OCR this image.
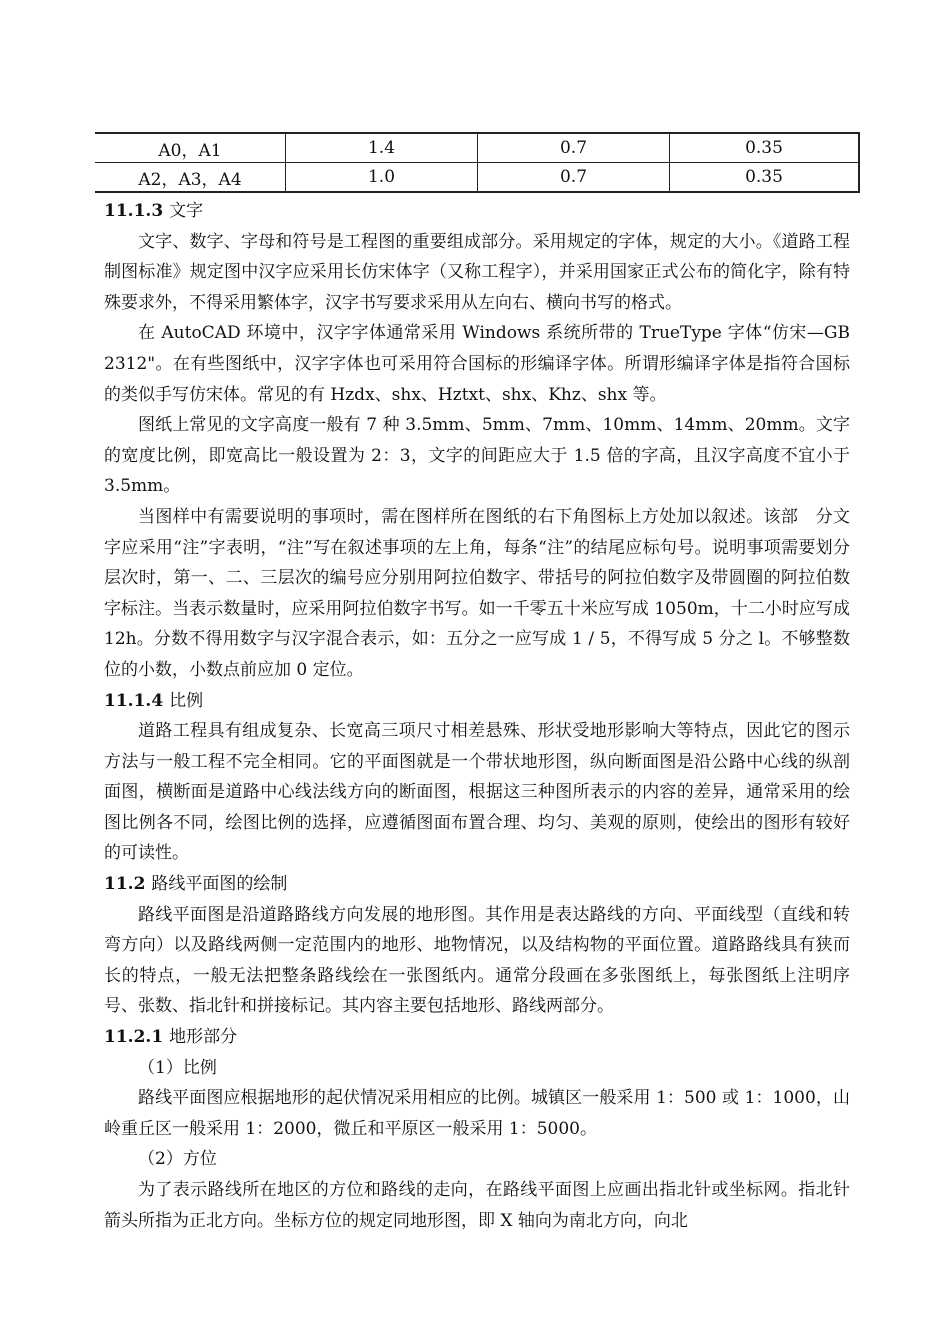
A0，A1	1.4	0.7	0.35
A2，A3，A4	1.0	0.7	0.35

11.1.3 文字

文字、数字、字母和符号是工程图的重要组成部分。采用规定的字体，规定的大小。《道路工程制图标准》规定图中汉字应采用长仿宋体字（又称工程字），并采用国家正式公布的简化字，除有特殊要求外，不得采用繁体字，汉字书写要求采用从左向右、横向书写的格式。

在 AutoCAD 环境中，汉字字体通常采用 Windows 系统所带的 TrueType 字体“仿宋—GB 2312"。在有些图纸中，汉字字体也可采用符合国标的形编译字体。所谓形编译字体是指符合国标的类似手写仿宋体。常见的有 Hzdx、shx、Hztxt、shx、Khz、shx 等。

图纸上常见的文字高度一般有 7 种 3.5mm、5mm、7mm、10mm、14mm、20mm。文字的宽度比例，即宽高比一般设置为 2：3，文字的间距应大于 1.5 倍的字高，且汉字高度不宜小于 3.5mm。

当图样中有需要说明的事项时，需在图样所在图纸的右下角图标上方处加以叙述。该部　分文字应采用“注”字表明，“注”写在叙述事项的左上角，每条“注”的结尾应标句号。说明事项需要划分层次时，第一、二、三层次的编号应分别用阿拉伯数字、带括号的阿拉伯数字及带圆圈的阿拉伯数字标注。当表示数量时，应采用阿拉伯数字书写。如一千零五十米应写成 1050m，十二小时应写成 12h。分数不得用数字与汉字混合表示，如：五分之一应写成 1 / 5，不得写成 5 分之 l。不够整数位的小数，小数点前应加 0 定位。

11.1.4 比例

道路工程具有组成复杂、长宽高三项尺寸相差悬殊、形状受地形影响大等特点，因此它的图示方法与一般工程不完全相同。它的平面图就是一个带状地形图，纵向断面图是沿公路中心线的纵剖面图，横断面是道路中心线法线方向的断面图，根据这三种图所表示的内容的差异，通常采用的绘图比例各不同，绘图比例的选择，应遵循图面布置合理、均匀、美观的原则，使绘出的图形有较好的可读性。

11.2 路线平面图的绘制

路线平面图是沿道路路线方向发展的地形图。其作用是表达路线的方向、平面线型（直线和转弯方向）以及路线两侧一定范围内的地形、地物情况，以及结构物的平面位置。道路路线具有狭而长的特点，一般无法把整条路线绘在一张图纸内。通常分段画在多张图纸上，每张图纸上注明序号、张数、指北针和拼接标记。其内容主要包括地形、路线两部分。

11.2.1 地形部分

（1）比例

路线平面图应根据地形的起伏情况采用相应的比例。城镇区一般采用 1：500 或 1：1000，山岭重丘区一般采用 1：2000，微丘和平原区一般采用 1：5000。

（2）方位

为了表示路线所在地区的方位和路线的走向，在路线平面图上应画出指北针或坐标网。指北针箭头所指为正北方向。坐标方位的规定同地形图，即 X 轴向为南北方向，向北
